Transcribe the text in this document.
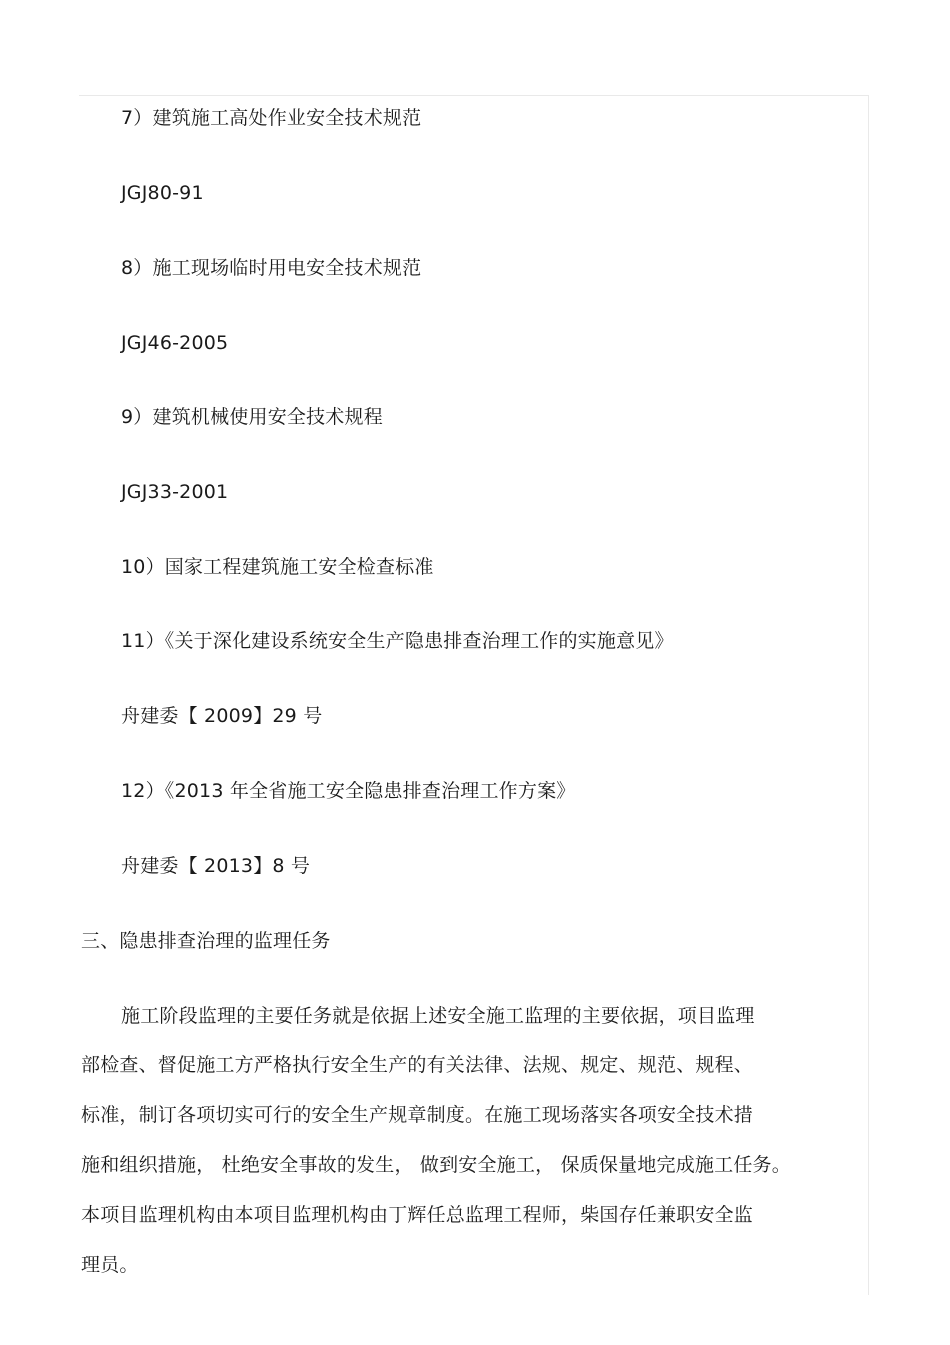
7）建筑施工高处作业安全技术规范
JGJ80-91
8）施工现场临时用电安全技术规范
JGJ46-2005
9）建筑机械使用安全技术规程
JGJ33-2001
10）国家工程建筑施工安全检查标准
11）《关于深化建设系统安全生产隐患排查治理工作的实施意见》
舟建委【 2009】29 号
12）《2013 年全省施工安全隐患排查治理工作方案》
舟建委【 2013】8 号
三、隐患排查治理的监理任务
施工阶段监理的主要任务就是依据上述安全施工监理的主要依据，项目监理
部检查、督促施工方严格执行安全生产的有关法律、法规、规定、规范、规程、
标准，制订各项切实可行的安全生产规章制度。在施工现场落实各项安全技术措
施和组织措施， 杜绝安全事故的发生， 做到安全施工， 保质保量地完成施工任务。
本项目监理机构由本项目监理机构由丁辉任总监理工程师，柴国存任兼职安全监
理员。
